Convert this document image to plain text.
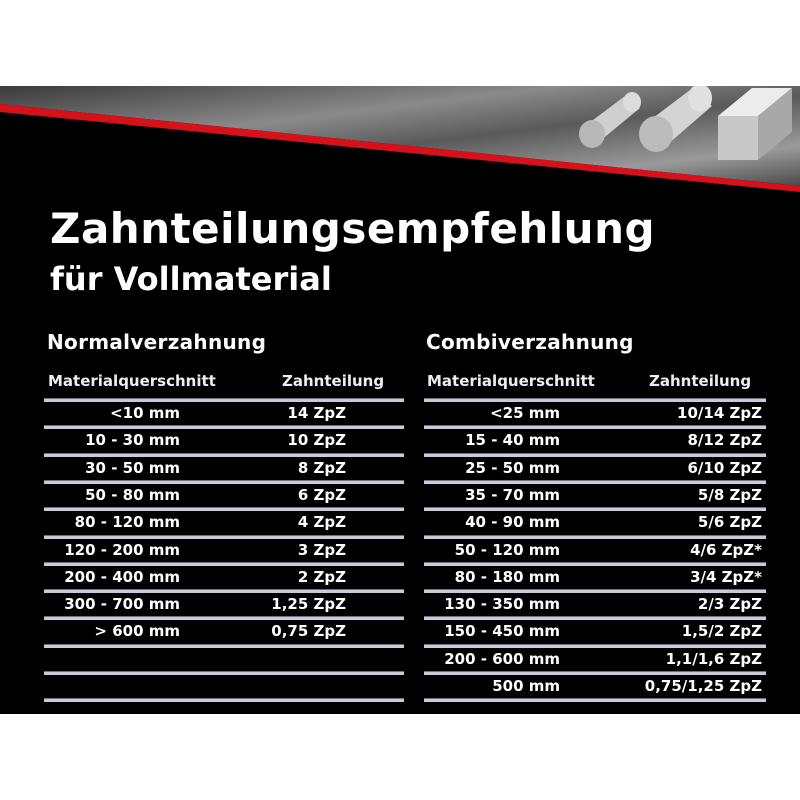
Zahnteilungsempfehlung
für Vollmaterial
Normalverzahnung
Materialquerschnitt	Zahnteilung
<10 mm	14 ZpZ
10 - 30 mm	10 ZpZ
30 - 50 mm	8 ZpZ
50 - 80 mm	6 ZpZ
80 - 120 mm	4 ZpZ
120 - 200 mm	3 ZpZ
200 - 400 mm	2 ZpZ
300 - 700 mm	1,25 ZpZ
> 600 mm	0,75 ZpZ
Combiverzahnung
Materialquerschnitt	Zahnteilung
<25 mm	10/14 ZpZ
15 - 40 mm	8/12 ZpZ
25 - 50 mm	6/10 ZpZ
35 - 70 mm	5/8 ZpZ
40 - 90 mm	5/6 ZpZ
50 - 120 mm	4/6 ZpZ*
80 - 180 mm	3/4 ZpZ*
130 - 350 mm	2/3 ZpZ
150 - 450 mm	1,5/2 ZpZ
200 - 600 mm	1,1/1,6 ZpZ
500 mm	0,75/1,25 ZpZ
